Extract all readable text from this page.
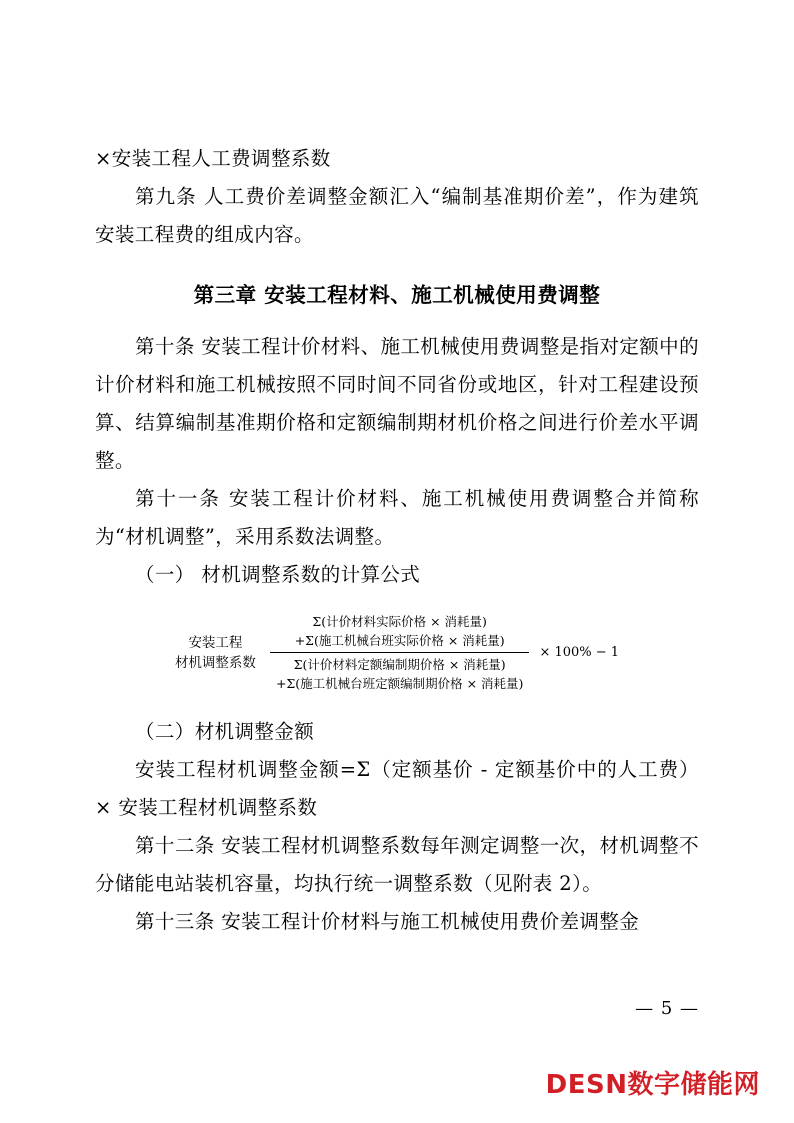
×安装工程人工费调整系数

第九条 人工费价差调整金额汇入“编制基准期价差”，作为建筑安装工程费的组成内容。

第三章 安装工程材料、施工机械使用费调整

第十条 安装工程计价材料、施工机械使用费调整是指对定额中的计价材料和施工机械按照不同时间不同省份或地区，针对工程建设预算、结算编制基准期价格和定额编制期材机价格之间进行价差水平调整。

第十一条 安装工程计价材料、施工机械使用费调整合并简称为“材机调整”，采用系数法调整。

（一） 材机调整系数的计算公式

安装工程
材机调整系数 Σ(计价材料实际价格 × 消耗量)
+Σ(施工机械台班实际价格 × 消耗量)
Σ(计价材料定额编制期价格 × 消耗量)
+Σ(施工机械台班定额编制期价格 × 消耗量) × 100% − 1

（二）材机调整金额

安装工程材机调整金额=Σ（定额基价 - 定额基价中的人工费） × 安装工程材机调整系数

第十二条 安装工程材机调整系数每年测定调整一次，材机调整不分储能电站装机容量，均执行统一调整系数（见附表 2）。

第十三条 安装工程计价材料与施工机械使用费价差调整金

— 5 —
DESN数字储能网
